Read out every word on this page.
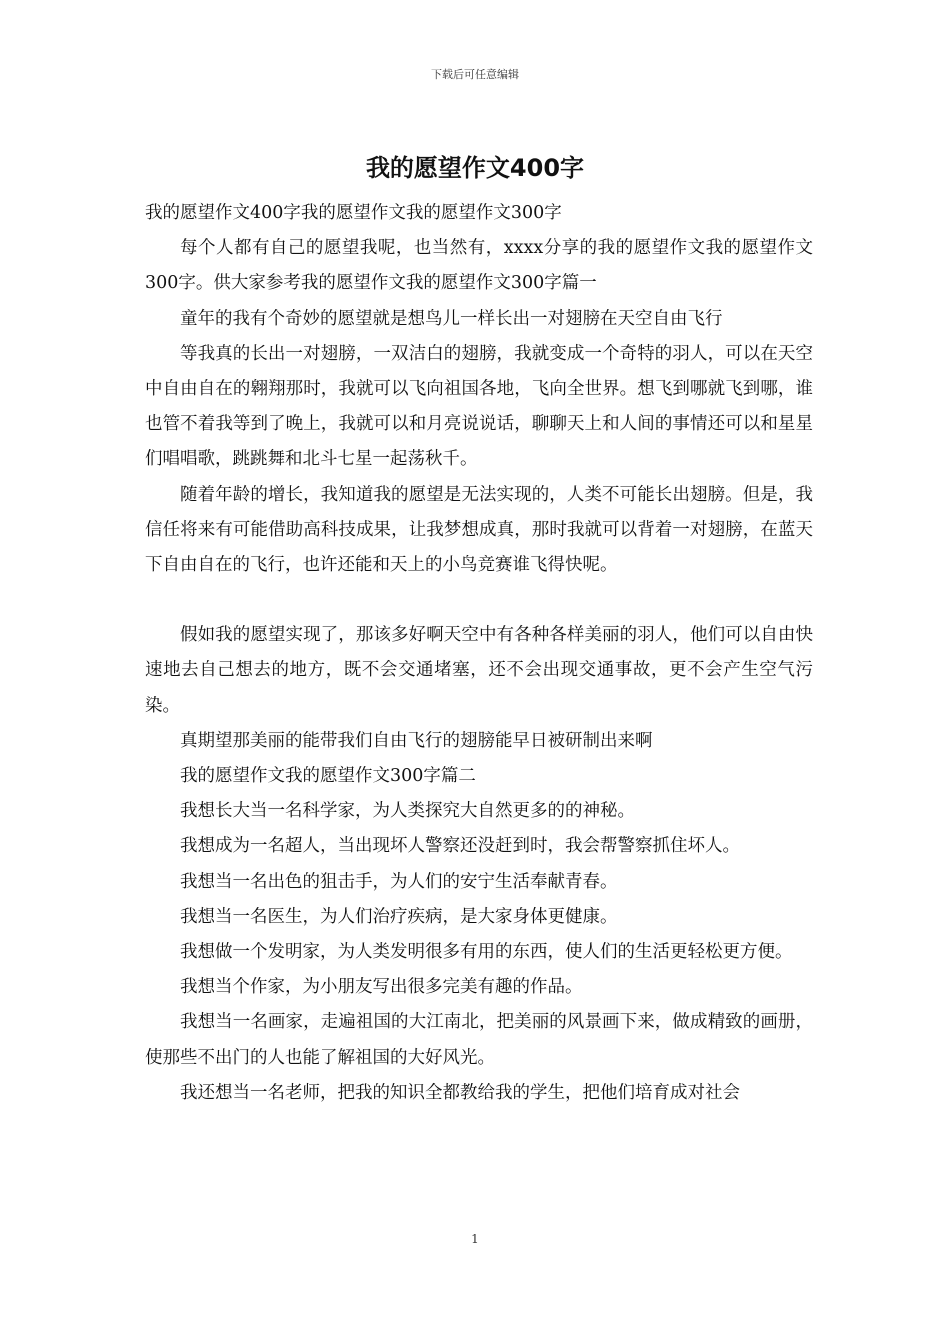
下载后可任意编辑
我的愿望作文400字

我的愿望作文400字我的愿望作文我的愿望作文300字

每个人都有自己的愿望我呢，也当然有，xxxx分享的我的愿望作文我的愿望作文300字。供大家参考我的愿望作文我的愿望作文300字篇一

童年的我有个奇妙的愿望就是想鸟儿一样长出一对翅膀在天空自由飞行

等我真的长出一对翅膀，一双洁白的翅膀，我就变成一个奇特的羽人，可以在天空中自由自在的翱翔那时，我就可以飞向祖国各地，飞向全世界。想飞到哪就飞到哪，谁也管不着我等到了晚上，我就可以和月亮说说话，聊聊天上和人间的事情还可以和星星们唱唱歌，跳跳舞和北斗七星一起荡秋千。

随着年龄的增长，我知道我的愿望是无法实现的，人类不可能长出翅膀。但是，我信任将来有可能借助高科技成果，让我梦想成真，那时我就可以背着一对翅膀，在蓝天下自由自在的飞行，也许还能和天上的小鸟竞赛谁飞得快呢。

假如我的愿望实现了，那该多好啊天空中有各种各样美丽的羽人，他们可以自由快速地去自己想去的地方，既不会交通堵塞，还不会出现交通事故，更不会产生空气污染。

真期望那美丽的能带我们自由飞行的翅膀能早日被研制出来啊

我的愿望作文我的愿望作文300字篇二

我想长大当一名科学家，为人类探究大自然更多的的神秘。

我想成为一名超人，当出现坏人警察还没赶到时，我会帮警察抓住坏人。

我想当一名出色的狙击手，为人们的安宁生活奉献青春。

我想当一名医生，为人们治疗疾病，是大家身体更健康。

我想做一个发明家，为人类发明很多有用的东西，使人们的生活更轻松更方便。

我想当个作家，为小朋友写出很多完美有趣的作品。

我想当一名画家，走遍祖国的大江南北，把美丽的风景画下来，做成精致的画册，使那些不出门的人也能了解祖国的大好风光。

我还想当一名老师，把我的知识全都教给我的学生，把他们培育成对社会

1
